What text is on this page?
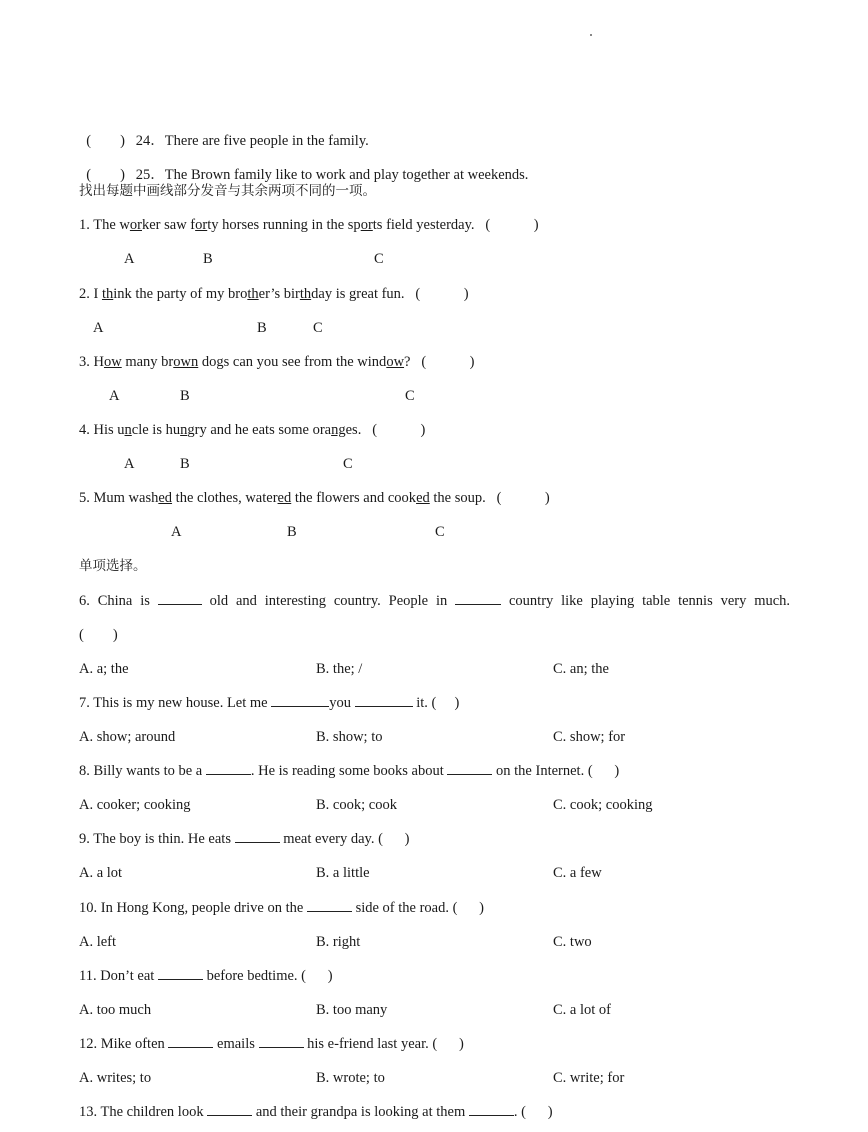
(        ) 24．There are five people in the family.

(        ) 25．The Brown family like to work and play together at weekends.

找出每题中画线部分发音与其余两项不同的一项。
1. The worker saw forty horses running in the sports field yesterday.   (            )
A	B	C
2. I think the party of my brother’s birthday is great fun.   (            )
A	B	C
3. How many brown dogs can you see from the window?   (            )
A	B	C
4. His uncle is hungry and he eats some oranges.   (            )
A	B	C
5. Mum washed the clothes, watered the flowers and cooked the soup.   (            )
A	B	C
单项选择。
6. China is	old and interesting country. People in	country like playing table tennis very much.
(        )
A. a; the	B. the; /	C. an; the
7. This is my new house. Let me	you	it. (     )
A. show; around	B. show; to	C. show; for
8. Billy wants to be a	. He is reading some books about	on the Internet. (      )
A. cooker; cooking	B. cook; cook	C. cook; cooking
9. The boy is thin. He eats	meat every day. (      )
A. a lot	B. a little	C. a few
10. In Hong Kong, people drive on the	side of the road. (      )
A. left	B. right	C. two
11. Don’t eat	before bedtime. (      )
A. too much	B. too many	C. a lot of
12. Mike often	emails	his e-friend last year. (      )
A. writes; to	B. wrote; to	C. write; for
13. The children look	and their grandpa is looking at them	. (      )
